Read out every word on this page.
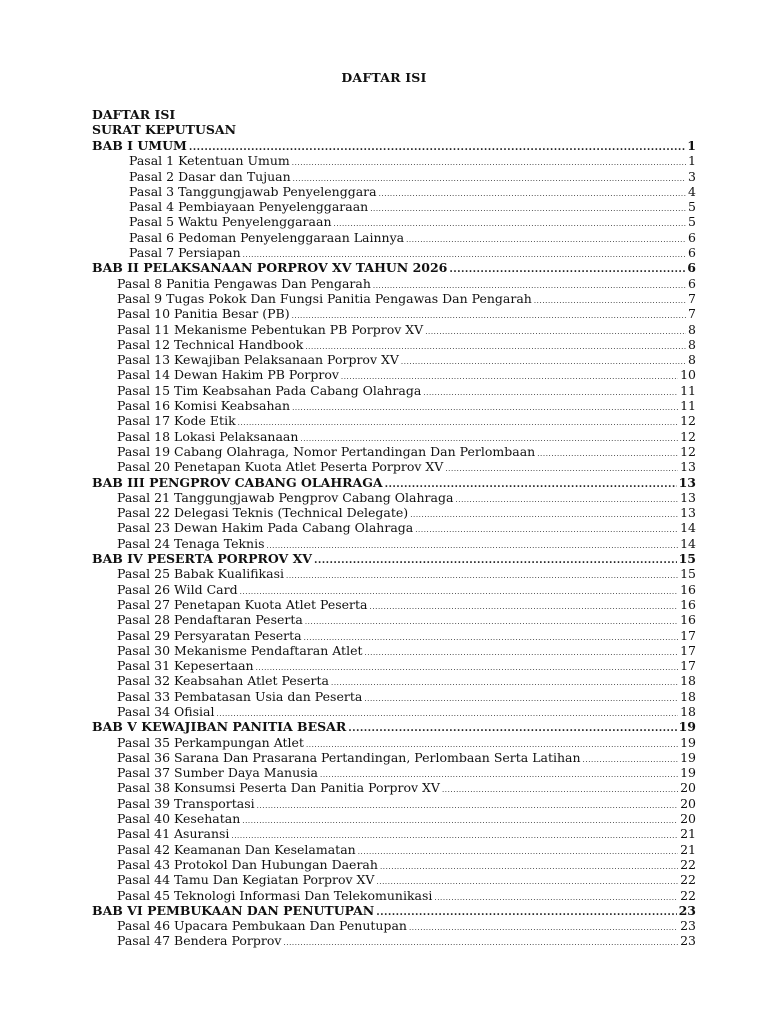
DAFTAR ISI
DAFTAR ISI
SURAT KEPUTUSAN
BAB I UMUM .....	1
Pasal 1 Ketentuan Umum .....	1
Pasal 2 Dasar dan Tujuan .....	3
Pasal 3 Tanggungjawab Penyelenggara .....	4
Pasal 4 Pembiayaan Penyelenggaraan .....	5
Pasal 5 Waktu Penyelenggaraan .....	5
Pasal 6 Pedoman Penyelenggaraan Lainnya .....	6
Pasal 7 Persiapan .....	6
BAB II PELAKSANAAN PORPROV XV TAHUN 2026 .....	6
Pasal 8 Panitia Pengawas Dan Pengarah .....	6
Pasal 9 Tugas Pokok Dan Fungsi Panitia Pengawas Dan Pengarah .....	7
Pasal 10 Panitia Besar (PB) .....	7
Pasal 11 Mekanisme Pebentukan PB Porprov XV .....	8
Pasal 12 Technical Handbook .....	8
Pasal 13 Kewajiban Pelaksanaan Porprov XV .....	8
Pasal 14 Dewan Hakim PB Porprov .....	10
Pasal 15 Tim Keabsahan Pada Cabang Olahraga .....	11
Pasal 16 Komisi Keabsahan .....	11
Pasal 17 Kode Etik .....	12
Pasal 18 Lokasi Pelaksanaan .....	12
Pasal 19 Cabang Olahraga, Nomor Pertandingan Dan Perlombaan .....	12
Pasal 20 Penetapan Kuota Atlet Peserta Porprov XV .....	13
BAB III PENGPROV CABANG OLAHRAGA .....	13
Pasal 21 Tanggungjawab Pengprov Cabang Olahraga .....	13
Pasal 22 Delegasi Teknis (Technical Delegate) .....	13
Pasal 23 Dewan Hakim Pada Cabang Olahraga .....	14
Pasal 24 Tenaga Teknis .....	14
BAB IV PESERTA PORPROV XV .....	15
Pasal 25 Babak Kualifikasi .....	15
Pasal 26 Wild Card .....	16
Pasal 27 Penetapan Kuota Atlet Peserta .....	16
Pasal 28 Pendaftaran Peserta .....	16
Pasal 29 Persyaratan Peserta .....	17
Pasal 30 Mekanisme Pendaftaran Atlet .....	17
Pasal 31 Kepesertaan .....	17
Pasal 32 Keabsahan Atlet Peserta .....	18
Pasal 33 Pembatasan Usia dan Peserta .....	18
Pasal 34 Ofisial .....	18
BAB V KEWAJIBAN PANITIA BESAR .....	19
Pasal 35 Perkampungan Atlet .....	19
Pasal 36 Sarana Dan Prasarana Pertandingan, Perlombaan Serta Latihan .....	19
Pasal 37 Sumber Daya Manusia .....	19
Pasal 38 Konsumsi Peserta Dan Panitia Porprov XV .....	20
Pasal 39 Transportasi .....	20
Pasal 40 Kesehatan .....	20
Pasal 41 Asuransi .....	21
Pasal 42 Keamanan Dan Keselamatan .....	21
Pasal 43 Protokol Dan Hubungan Daerah .....	22
Pasal 44 Tamu Dan Kegiatan Porprov XV .....	22
Pasal 45 Teknologi Informasi Dan Telekomunikasi .....	22
BAB VI PEMBUKAAN DAN PENUTUPAN .....	23
Pasal 46 Upacara Pembukaan Dan Penutupan .....	23
Pasal 47 Bendera Porprov .....	23
